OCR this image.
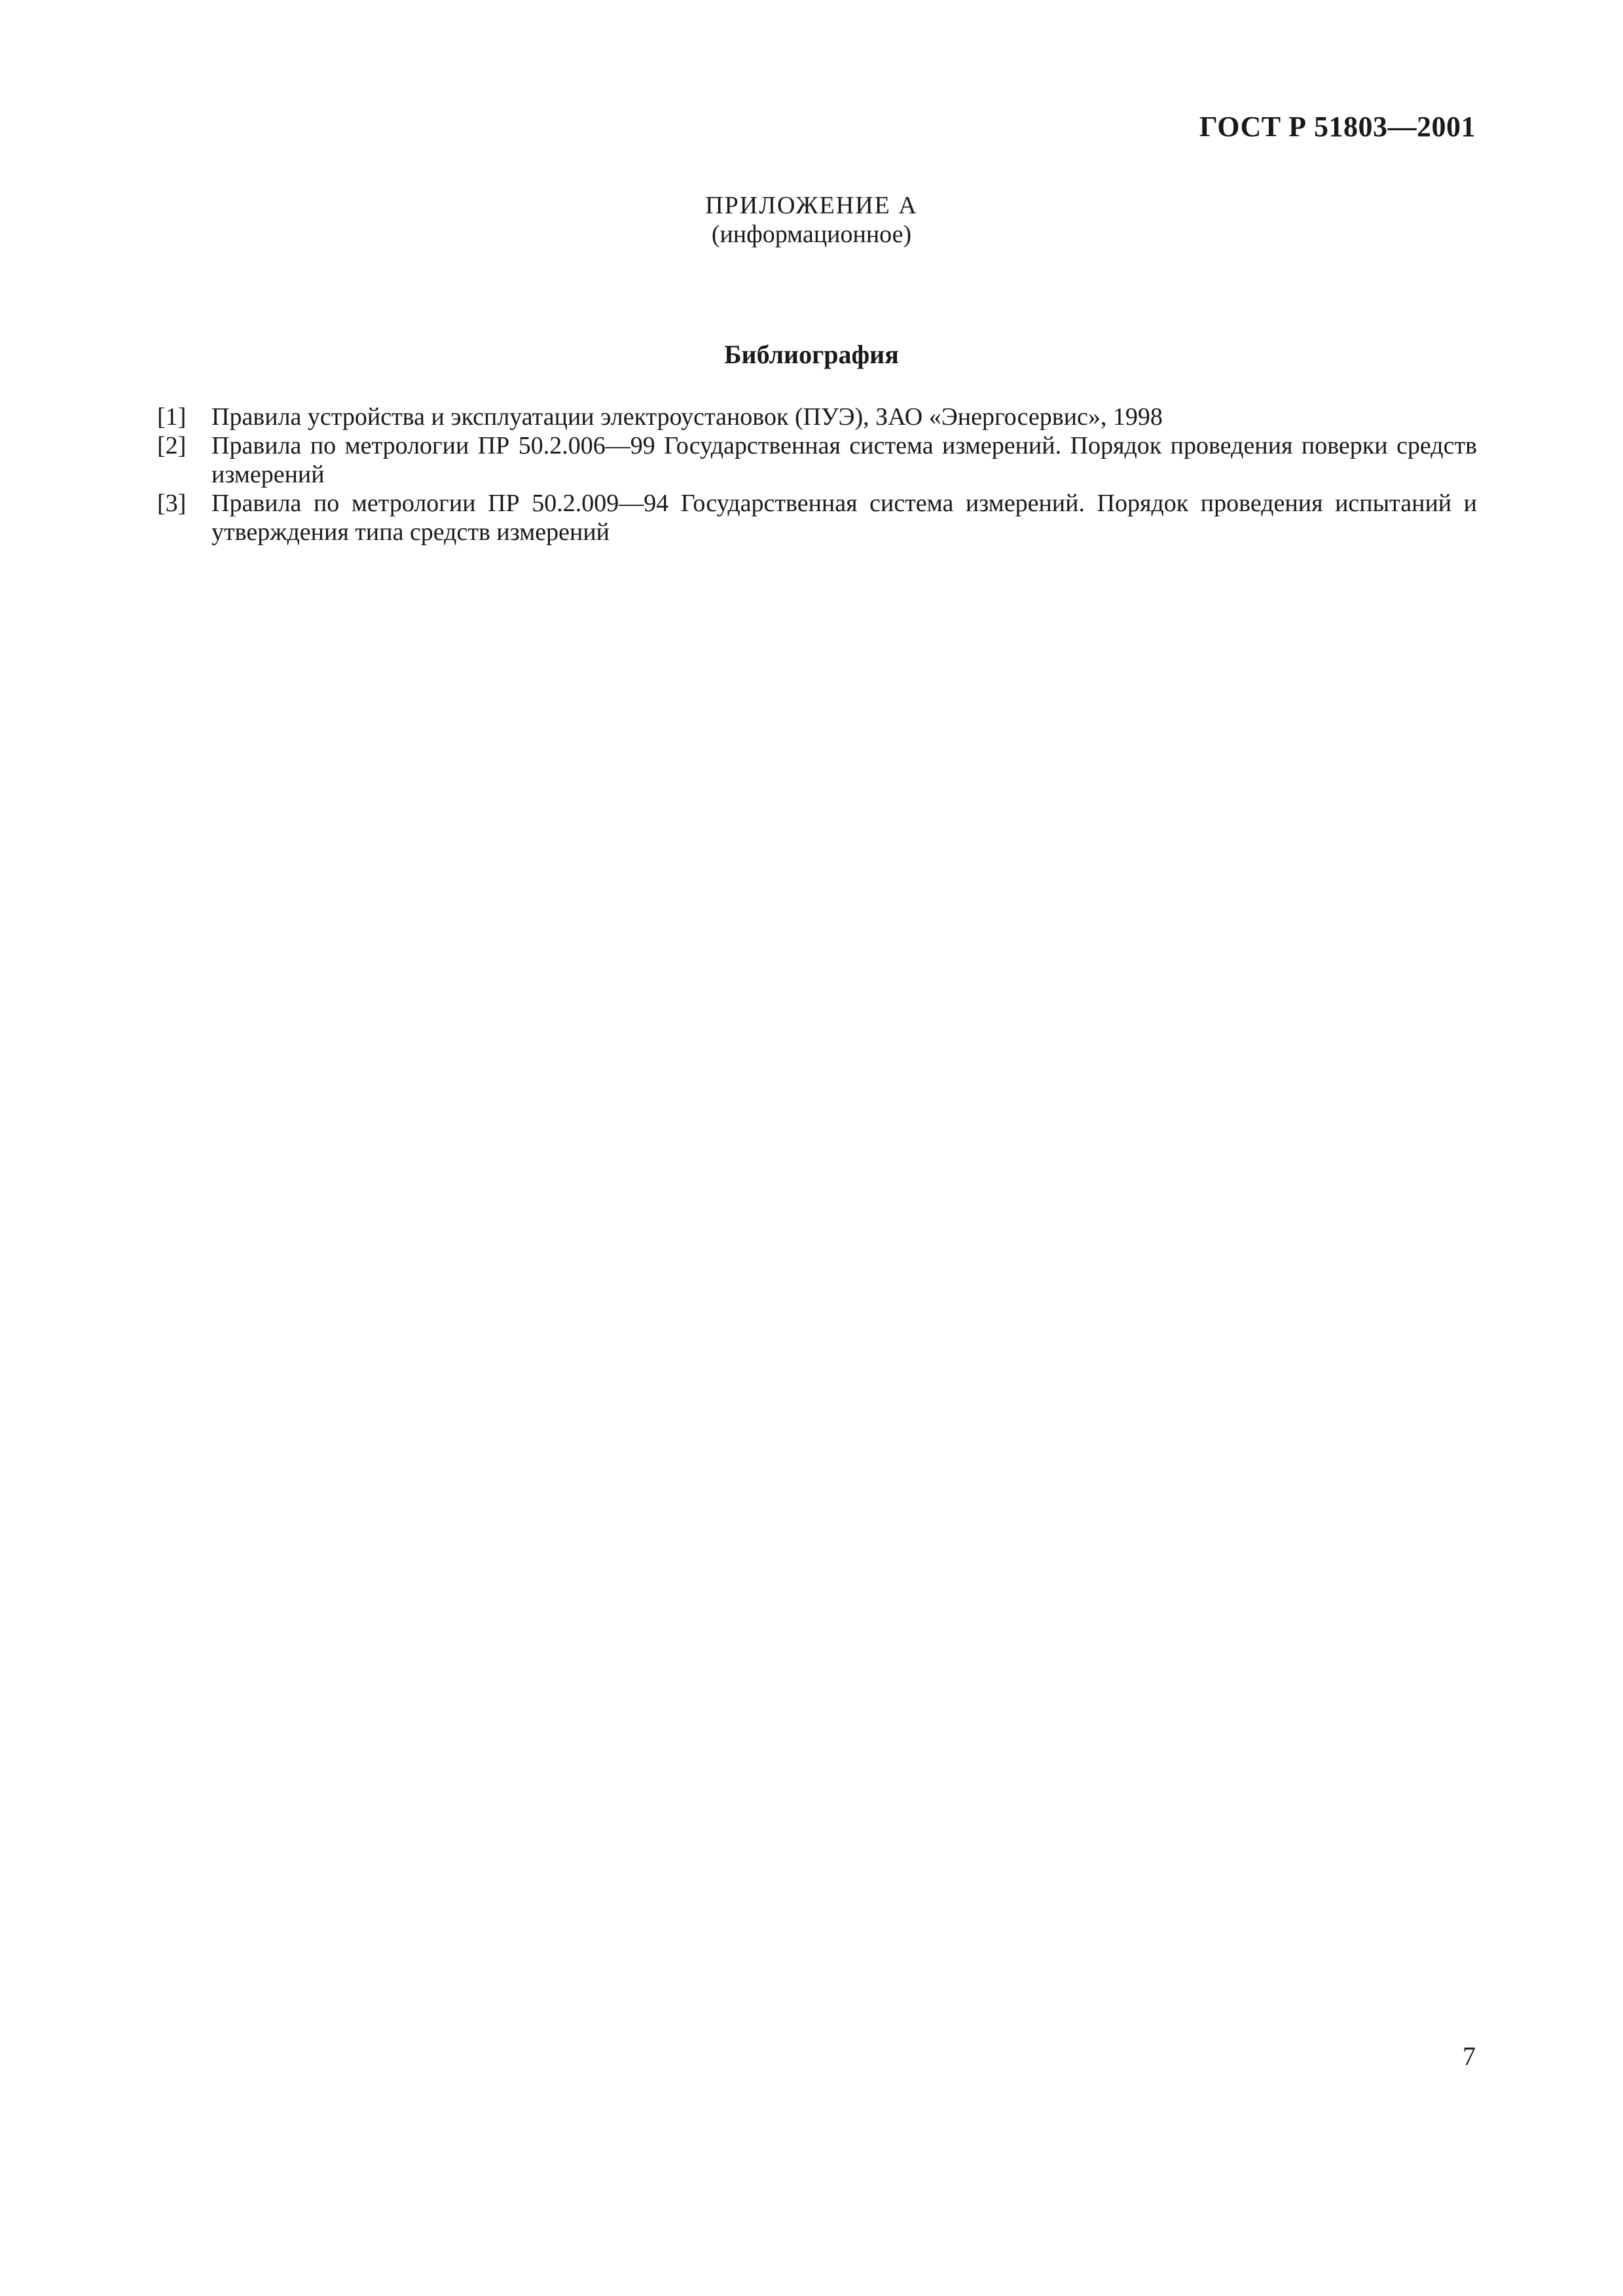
ГОСТ Р 51803—2001
ПРИЛОЖЕНИЕ А
(информационное)
Библиография
[1]	Правила устройства и эксплуатации электроустановок (ПУЭ), ЗАО «Энергосервис», 1998
[2]	Правила по метрологии ПР 50.2.006—99 Государственная система измерений. Порядок проведения поверки средств измерений
[3]	Правила по метрологии ПР 50.2.009—94 Государственная система измерений. Порядок проведения испытаний и утверждения типа средств измерений
7
